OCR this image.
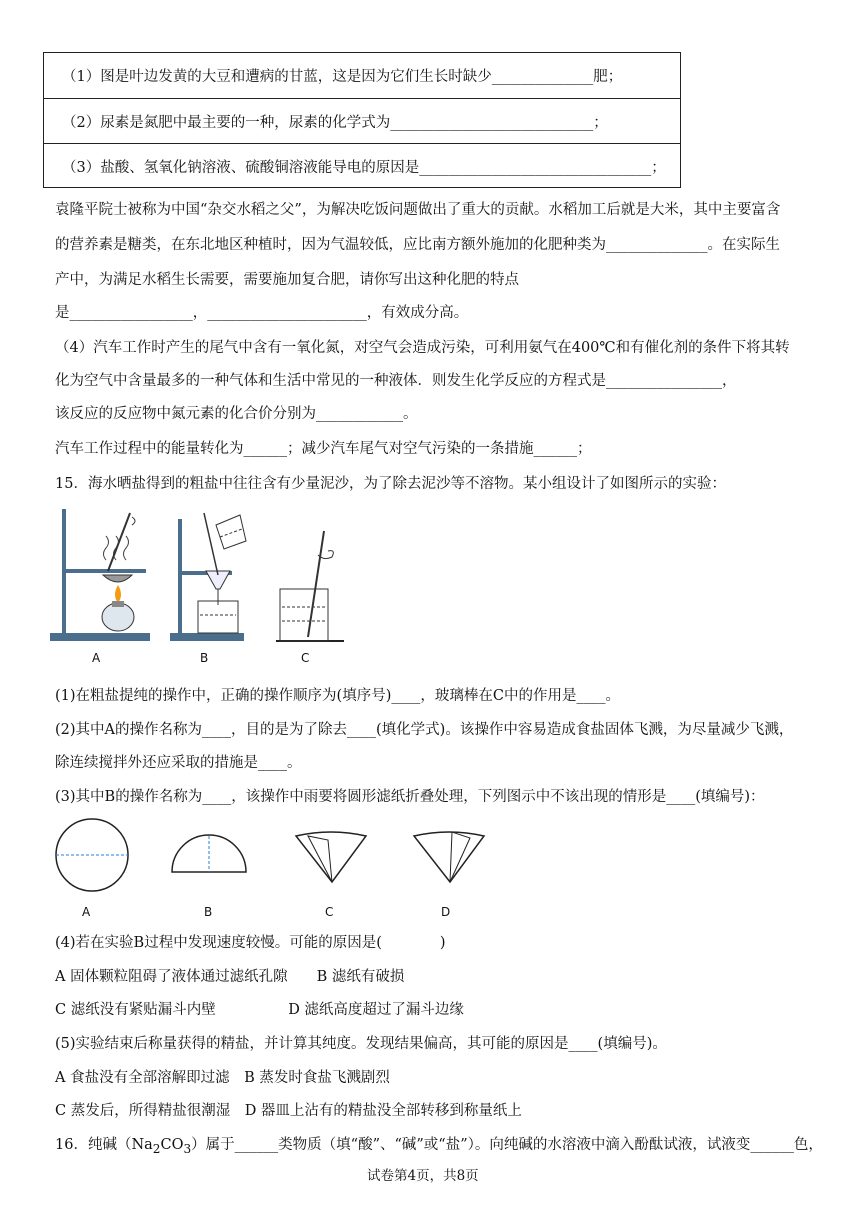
（1）图是叶边发黄的大豆和遭病的甘蓝，这是因为它们生长时缺少______________肥；
（2）尿素是氮肥中最主要的一种，尿素的化学式为____________________________；
（3）盐酸、氢氧化钠溶液、硫酸铜溶液能导电的原因是________________________________；
袁隆平院士被称为中国“杂交水稻之父”，为解决吃饭问题做出了重大的贡献。水稻加工后就是大米，其中主要富含
的营养素是糖类，在东北地区种植时，因为气温较低，应比南方额外施加的化肥种类为______________。在实际生
产中，为满足水稻生长需要，需要施加复合肥，请你写出这种化肥的特点
是_________________，______________________，有效成分高。
（4）汽车工作时产生的尾气中含有一氧化氮，对空气会造成污染，可利用氨气在400℃和有催化剂的条件下将其转
化为空气中含量最多的一种气体和生活中常见的一种液体．则发生化学反应的方程式是________________，
该反应的反应物中氮元素的化合价分别为____________。
汽车工作过程中的能量转化为______；减少汽车尾气对空气污染的一条措施______；
15．海水晒盐得到的粗盐中往往含有少量泥沙，为了除去泥沙等不溶物。某小组设计了如图所示的实验：
A	B	C
(1)在粗盐提纯的操作中，正确的操作顺序为(填序号)____，玻璃棒在C中的作用是____。
(2)其中A的操作名称为____，目的是为了除去____(填化学式)。该操作中容易造成食盐固体飞溅，为尽量减少飞溅，
除连续搅拌外还应采取的措施是____。
(3)其中B的操作名称为____，该操作中雨要将圆形滤纸折叠处理，下列图示中不该出现的情形是____(填编号)：
A	B	C	D
(4)若在实验B过程中发现速度较慢。可能的原因是(　　　　)
A 固体颗粒阻碍了液体通过滤纸孔隙　　B 滤纸有破损
C 滤纸没有紧贴漏斗内壁　　　　　D 滤纸高度超过了漏斗边缘
(5)实验结束后称量获得的精盐，并计算其纯度。发现结果偏高，其可能的原因是____(填编号)。
A 食盐没有全部溶解即过滤　B 蒸发时食盐飞溅剧烈
C 蒸发后，所得精盐很潮湿　D 器皿上沾有的精盐没全部转移到称量纸上
16．纯碱$(Na_2CO_3)$属于______类物质（填“酸”、“碱”或“盐”）。向纯碱的水溶液中滴入酚酞试液，试液变______色，
试卷第4页，共8页
